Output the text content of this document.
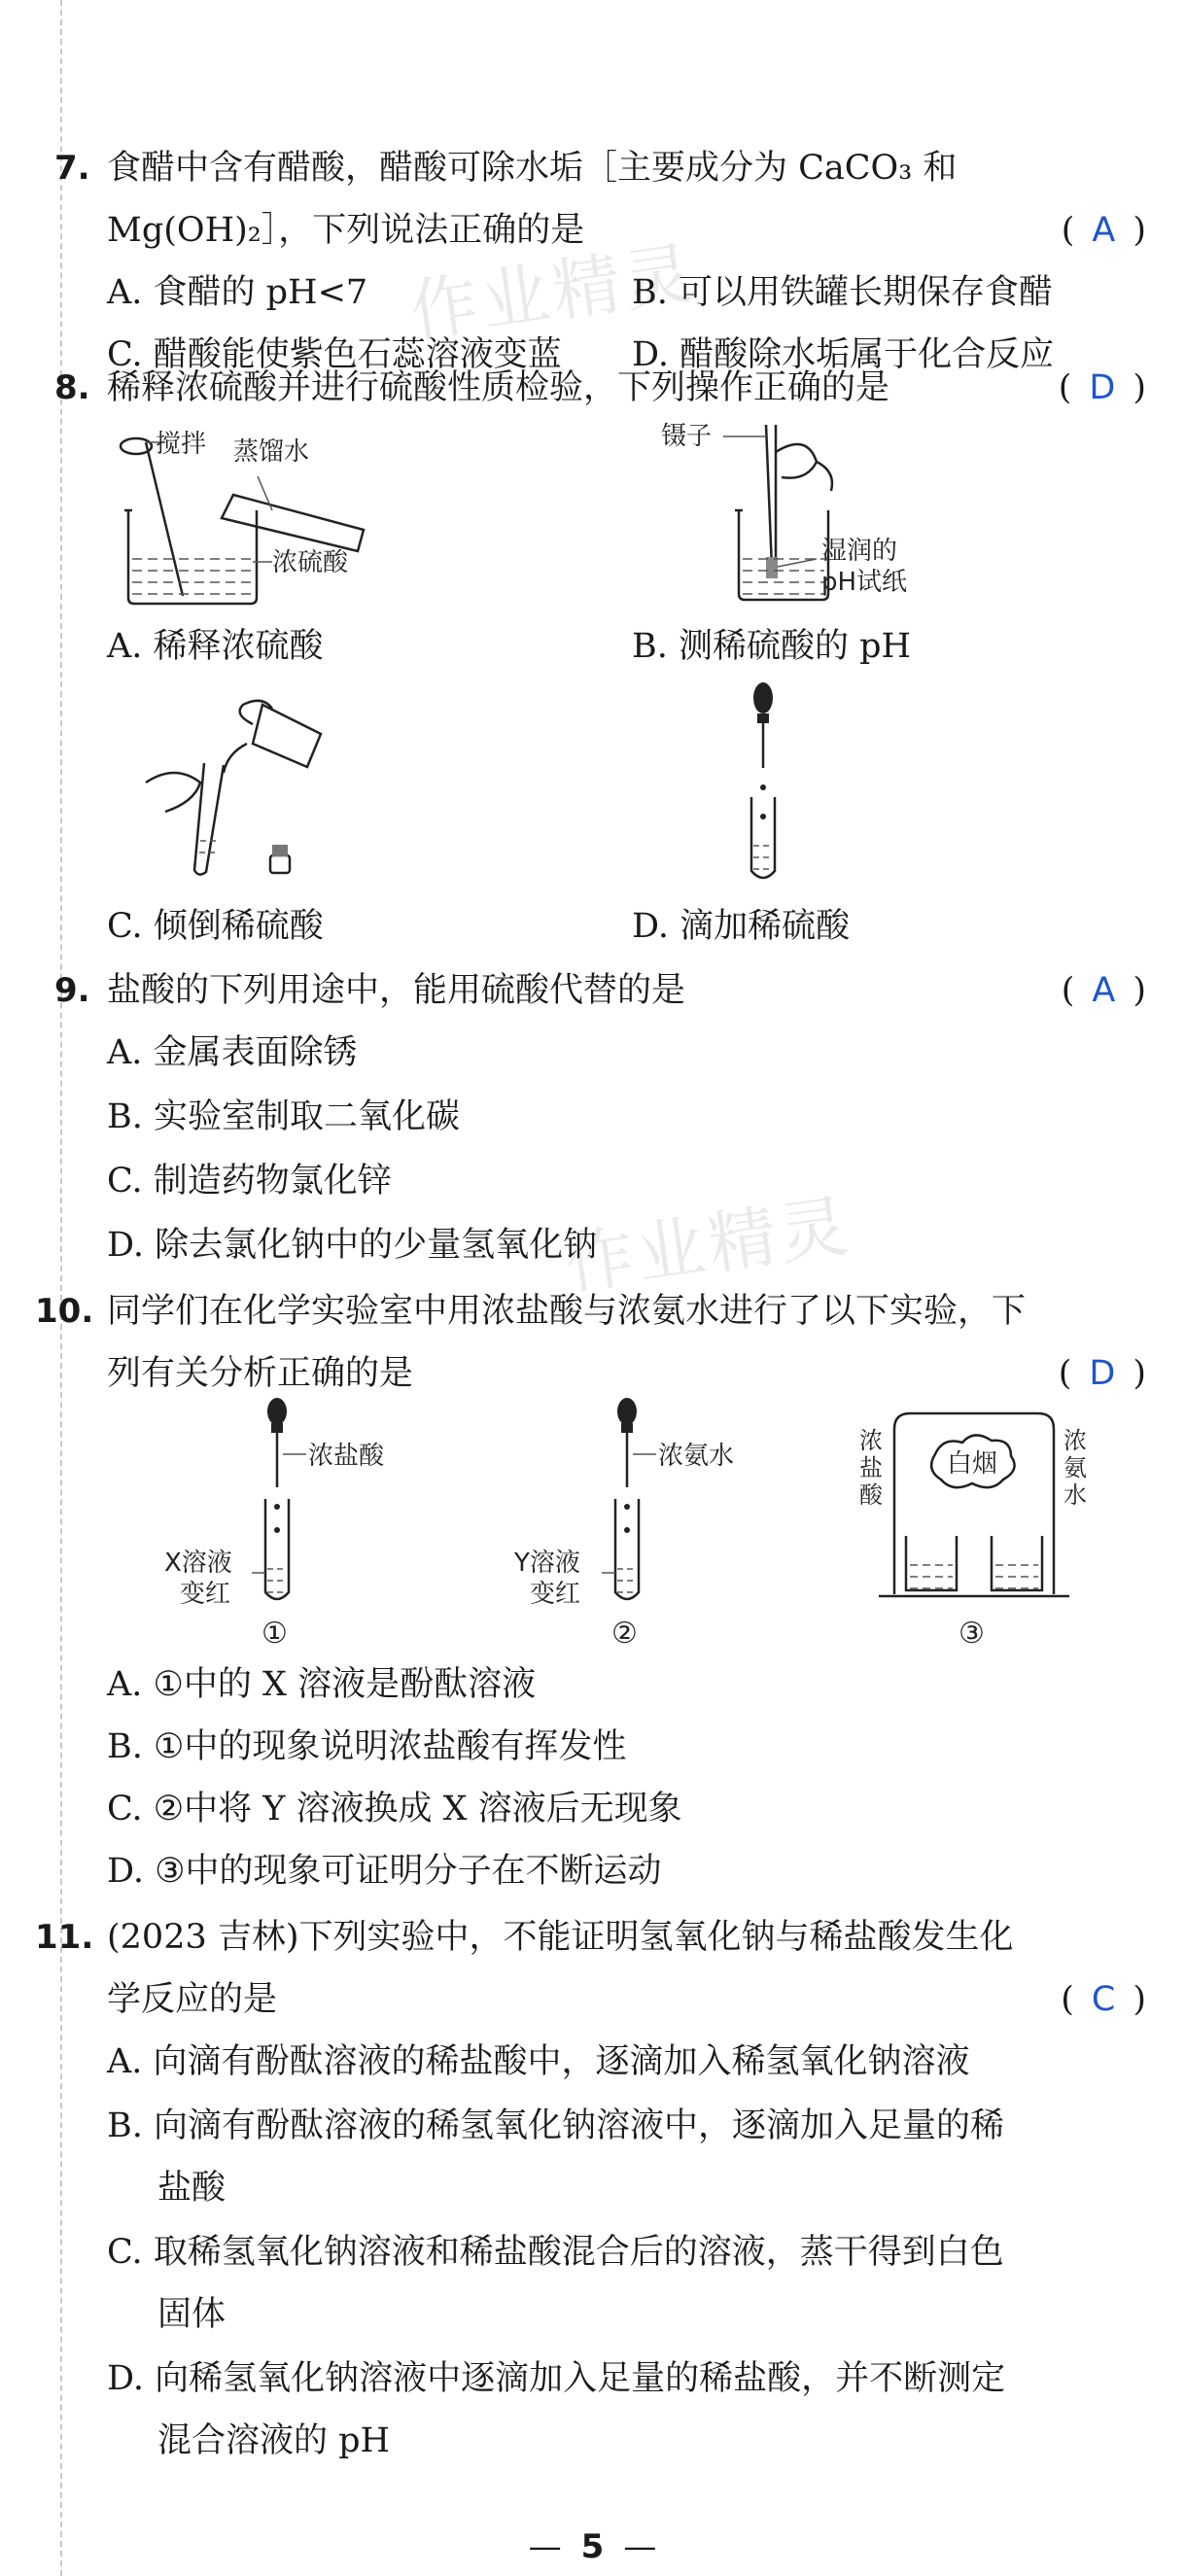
作业精灵
作业精灵
7. 食醋中含有醋酸，醋酸可除水垢［主要成分为 CaCO₃ 和
Mg(OH)₂］，下列说法正确的是	( A )
A. 食醋的 pH<7	B. 可以用铁罐长期保存食醋
C. 醋酸能使紫色石蕊溶液变蓝 D. 醋酸除水垢属于化合反应
8. 稀释浓硫酸并进行硫酸性质检验，下列操作正确的是	( D )
搅拌 蒸馏水
浓硫酸
镊子
湿润的
pH试纸
A. 稀释浓硫酸	B. 测稀硫酸的 pH
C. 倾倒稀硫酸	D. 滴加稀硫酸
9. 盐酸的下列用途中，能用硫酸代替的是	( A )
A. 金属表面除锈
B. 实验室制取二氧化碳
C. 制造药物氯化锌
D. 除去氯化钠中的少量氢氧化钠
10. 同学们在化学实验室中用浓盐酸与浓氨水进行了以下实验，下
列有关分析正确的是	( D )
浓盐酸
X溶液
变红
①
浓氨水
Y溶液
变红
②
白烟
浓盐酸
浓氨水
③
A. ①中的 X 溶液是酚酞溶液
B. ①中的现象说明浓盐酸有挥发性
C. ②中将 Y 溶液换成 X 溶液后无现象
D. ③中的现象可证明分子在不断运动
11. (2023 吉林)下列实验中，不能证明氢氧化钠与稀盐酸发生化
学反应的是	( C )
A. 向滴有酚酞溶液的稀盐酸中，逐滴加入稀氢氧化钠溶液
B. 向滴有酚酞溶液的稀氢氧化钠溶液中，逐滴加入足量的稀
盐酸
C. 取稀氢氧化钠溶液和稀盐酸混合后的溶液，蒸干得到白色
固体
D. 向稀氢氧化钠溶液中逐滴加入足量的稀盐酸，并不断测定
混合溶液的 pH
— 5 —
